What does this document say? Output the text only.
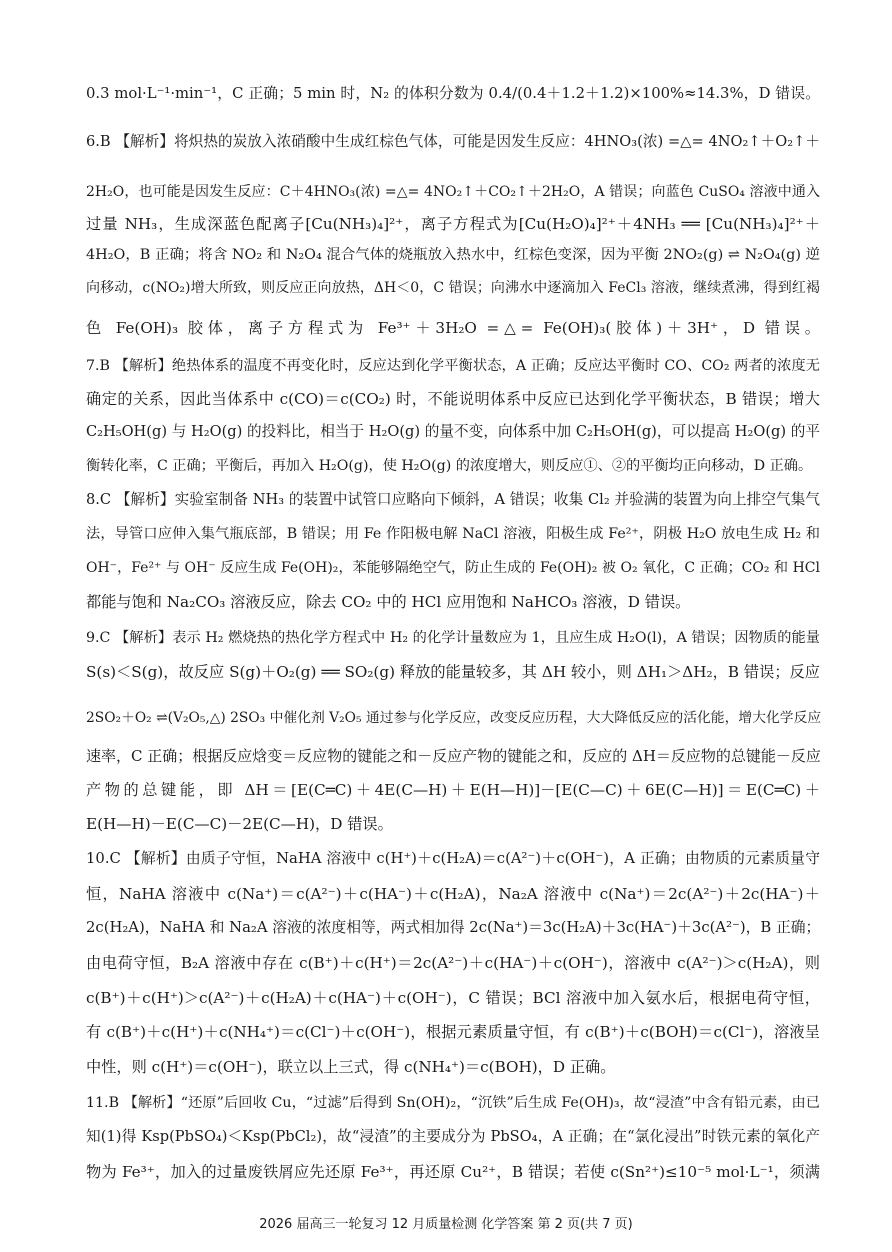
0.3 mol·L⁻¹·min⁻¹，C 正确；5 min 时，N₂ 的体积分数为 0.4/(0.4＋1.2＋1.2)×100%≈14.3%，D 错误。
6.B 【解析】将炽热的炭放入浓硝酸中生成红棕色气体，可能是因发生反应：4HNO₃(浓) =△= 4NO₂↑＋O₂↑＋
2H₂O，也可能是因发生反应：C＋4HNO₃(浓) =△= 4NO₂↑＋CO₂↑＋2H₂O，A 错误；向蓝色 CuSO₄ 溶液中通入
过量 NH₃，生成深蓝色配离子[Cu(NH₃)₄]²⁺，离子方程式为[Cu(H₂O)₄]²⁺＋4NH₃ ══ [Cu(NH₃)₄]²⁺＋
4H₂O，B 正确；将含 NO₂ 和 N₂O₄ 混合气体的烧瓶放入热水中，红棕色变深，因为平衡 2NO₂(g) ⇌ N₂O₄(g) 逆
向移动，c(NO₂)增大所致，则反应正向放热，ΔH＜0，C 错误；向沸水中逐滴加入 FeCl₃ 溶液，继续煮沸，得到红褐
色 Fe(OH)₃ 胶体，离子方程式为 Fe³⁺＋3H₂O =△= Fe(OH)₃(胶体)＋3H⁺，D 错误。
7.B 【解析】绝热体系的温度不再变化时，反应达到化学平衡状态，A 正确；反应达平衡时 CO、CO₂ 两者的浓度无
确定的关系，因此当体系中 c(CO)＝c(CO₂) 时，不能说明体系中反应已达到化学平衡状态，B 错误；增大
C₂H₅OH(g) 与 H₂O(g) 的投料比，相当于 H₂O(g) 的量不变，向体系中加 C₂H₅OH(g)，可以提高 H₂O(g) 的平
衡转化率，C 正确；平衡后，再加入 H₂O(g)，使 H₂O(g) 的浓度增大，则反应①、②的平衡均正向移动，D 正确。
8.C 【解析】实验室制备 NH₃ 的装置中试管口应略向下倾斜，A 错误；收集 Cl₂ 并验满的装置为向上排空气集气
法，导管口应伸入集气瓶底部，B 错误；用 Fe 作阳极电解 NaCl 溶液，阳极生成 Fe²⁺，阴极 H₂O 放电生成 H₂ 和
OH⁻，Fe²⁺ 与 OH⁻ 反应生成 Fe(OH)₂，苯能够隔绝空气，防止生成的 Fe(OH)₂ 被 O₂ 氧化，C 正确；CO₂ 和 HCl
都能与饱和 Na₂CO₃ 溶液反应，除去 CO₂ 中的 HCl 应用饱和 NaHCO₃ 溶液，D 错误。
9.C 【解析】表示 H₂ 燃烧热的热化学方程式中 H₂ 的化学计量数应为 1，且应生成 H₂O(l)，A 错误；因物质的能量
S(s)＜S(g)，故反应 S(g)＋O₂(g) ══ SO₂(g) 释放的能量较多，其 ΔH 较小，则 ΔH₁＞ΔH₂，B 错误；反应
2SO₂＋O₂ ⇌(V₂O₅,△) 2SO₃ 中催化剂 V₂O₅ 通过参与化学反应，改变反应历程，大大降低反应的活化能，增大化学反应
速率，C 正确；根据反应焓变＝反应物的键能之和－反应产物的键能之和，反应的 ΔH＝反应物的总键能－反应
产物的总键能，即 ΔH＝[E(C═C)＋4E(C—H)＋E(H—H)]－[E(C—C)＋6E(C—H)]＝E(C═C)＋
E(H—H)－E(C—C)－2E(C—H)，D 错误。
10.C 【解析】由质子守恒，NaHA 溶液中 c(H⁺)＋c(H₂A)＝c(A²⁻)＋c(OH⁻)，A 正确；由物质的元素质量守
恒，NaHA 溶液中 c(Na⁺)＝c(A²⁻)＋c(HA⁻)＋c(H₂A)，Na₂A 溶液中 c(Na⁺)＝2c(A²⁻)＋2c(HA⁻)＋
2c(H₂A)，NaHA 和 Na₂A 溶液的浓度相等，两式相加得 2c(Na⁺)＝3c(H₂A)＋3c(HA⁻)＋3c(A²⁻)，B 正确；
由电荷守恒，B₂A 溶液中存在 c(B⁺)＋c(H⁺)＝2c(A²⁻)＋c(HA⁻)＋c(OH⁻)，溶液中 c(A²⁻)＞c(H₂A)，则
c(B⁺)＋c(H⁺)＞c(A²⁻)＋c(H₂A)＋c(HA⁻)＋c(OH⁻)，C 错误；BCl 溶液中加入氨水后，根据电荷守恒，
有 c(B⁺)＋c(H⁺)＋c(NH₄⁺)＝c(Cl⁻)＋c(OH⁻)，根据元素质量守恒，有 c(B⁺)＋c(BOH)＝c(Cl⁻)，溶液呈
中性，则 c(H⁺)＝c(OH⁻)，联立以上三式，得 c(NH₄⁺)＝c(BOH)，D 正确。
11.B 【解析】“还原”后回收 Cu，“过滤”后得到 Sn(OH)₂，“沉铁”后生成 Fe(OH)₃，故“浸渣”中含有铅元素，由已
知(1)得 Ksp(PbSO₄)＜Ksp(PbCl₂)，故“浸渣”的主要成分为 PbSO₄，A 正确；在“氯化浸出”时铁元素的氧化产
物为 Fe³⁺，加入的过量废铁屑应先还原 Fe³⁺，再还原 Cu²⁺，B 错误；若使 c(Sn²⁺)≤10⁻⁵ mol·L⁻¹，须满
2026 届高三一轮复习 12 月质量检测 化学答案 第 2 页(共 7 页)
